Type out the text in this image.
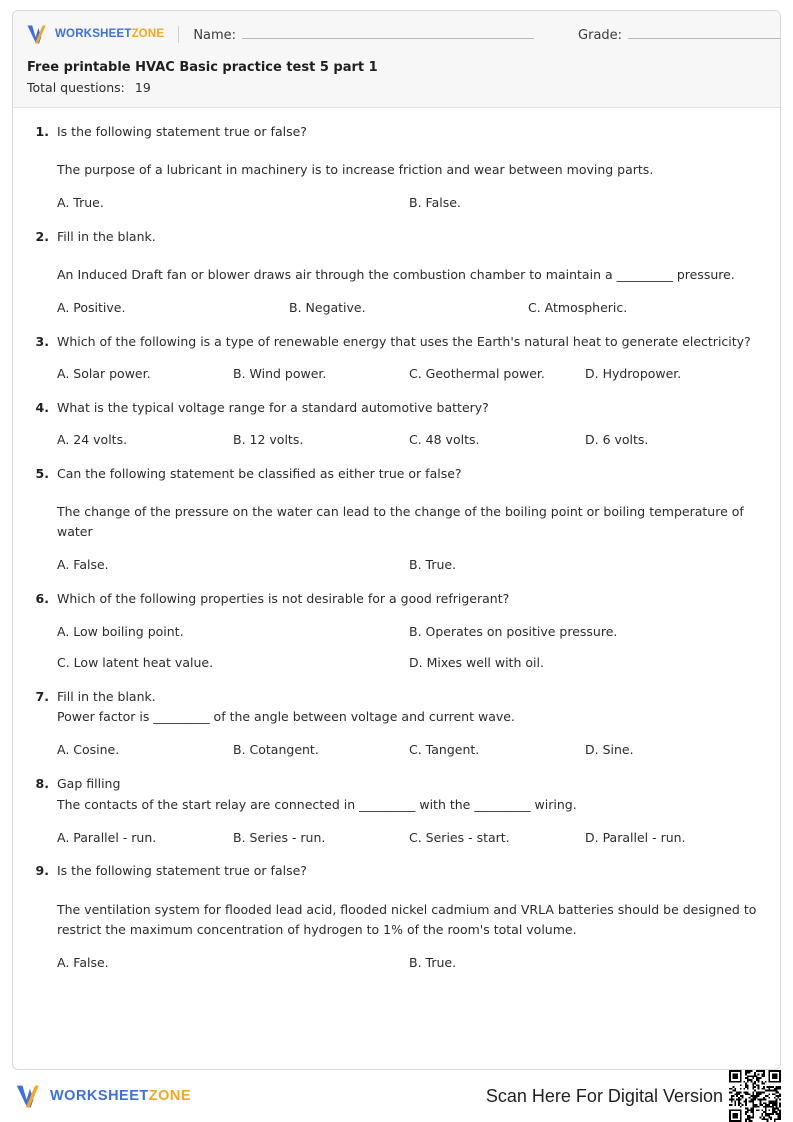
WORKSHEETZONE Name:	Grade:
Free printable HVAC Basic practice test 5 part 1
Total questions: 19
1. Is the following statement true or false?
The purpose of a lubricant in machinery is to increase friction and wear between moving parts.
A. True.	B. False.
2. Fill in the blank.
An Induced Draft fan or blower draws air through the combustion chamber to maintain a _________ pressure.
A. Positive.	B. Negative.	C. Atmospheric.
3. Which of the following is a type of renewable energy that uses the Earth's natural heat to generate electricity?
A. Solar power.	B. Wind power.	C. Geothermal power.	D. Hydropower.
4. What is the typical voltage range for a standard automotive battery?
A. 24 volts.	B. 12 volts.	C. 48 volts.	D. 6 volts.
5. Can the following statement be classified as either true or false?
The change of the pressure on the water can lead to the change of the boiling point or boiling temperature of water
A. False.	B. True.
6. Which of the following properties is not desirable for a good refrigerant?
A. Low boiling point.	B. Operates on positive pressure.
C. Low latent heat value.	D. Mixes well with oil.
7. Fill in the blank.
Power factor is _________ of the angle between voltage and current wave.
A. Cosine.	B. Cotangent.	C. Tangent.	D. Sine.
8. Gap filling
The contacts of the start relay are connected in _________ with the _________ wiring.
A. Parallel - run.	B. Series - run.	C. Series - start.	D. Parallel - run.
9. Is the following statement true or false?
The ventilation system for flooded lead acid, flooded nickel cadmium and VRLA batteries should be designed to restrict the maximum concentration of hydrogen to 1% of the room's total volume.
A. False.	B. True.
WORKSHEETZONE	Scan Here For Digital Version
